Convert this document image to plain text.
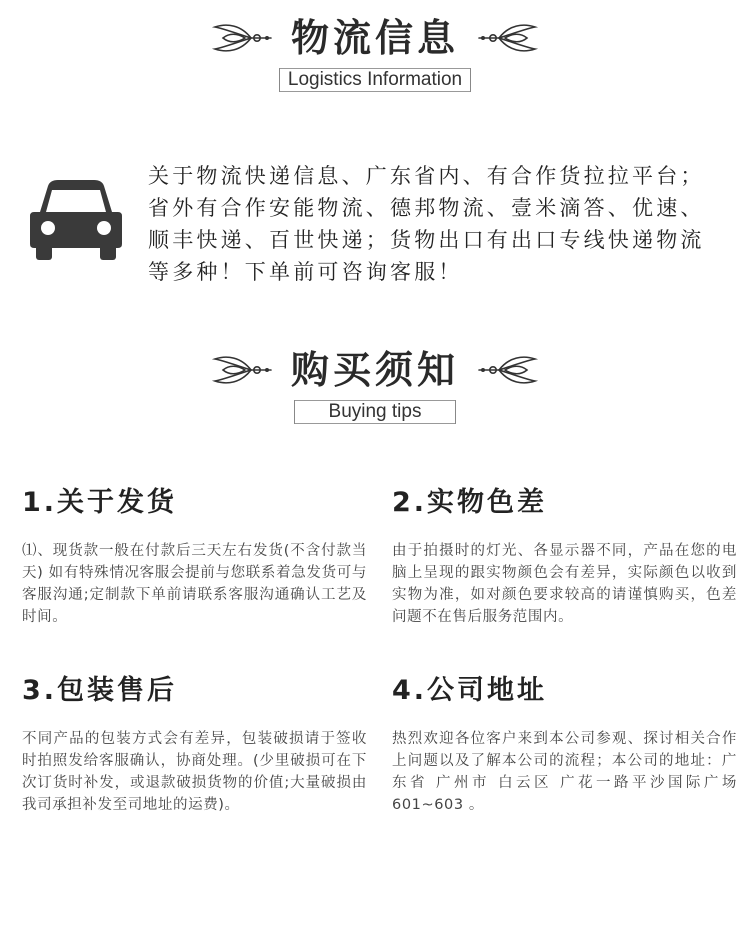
物流信息
Logistics Information
关于物流快递信息、广东省内、有合作货拉拉平台；省外有合作安能物流、德邦物流、壹米滴答、优速、顺丰快递、百世快递；货物出口有出口专线快递物流等多种！下单前可咨询客服！
购买须知
Buying tips
1.关于发货
⑴、现货款一般在付款后三天左右发货(不含付款当天) 如有特殊情况客服会提前与您联系着急发货可与客服沟通;定制款下单前请联系客服沟通确认工艺及时间。
2.实物色差
由于拍摄时的灯光、各显示器不同，产品在您的电脑上呈现的跟实物颜色会有差异，实际颜色以收到实物为准，如对颜色要求较高的请谨慎购买，色差问题不在售后服务范围内。
3.包装售后
不同产品的包装方式会有差异，包装破损请于签收时拍照发给客服确认，协商处理。(少里破损可在下次订货时补发，或退款破损货物的价值;大量破损由我司承担补发至司地址的运费)。
4.公司地址
热烈欢迎各位客户来到本公司参观、探讨相关合作上问题以及了解本公司的流程；本公司的地址：广东省 广州市 白云区 广花一路平沙国际广场601~603 。
